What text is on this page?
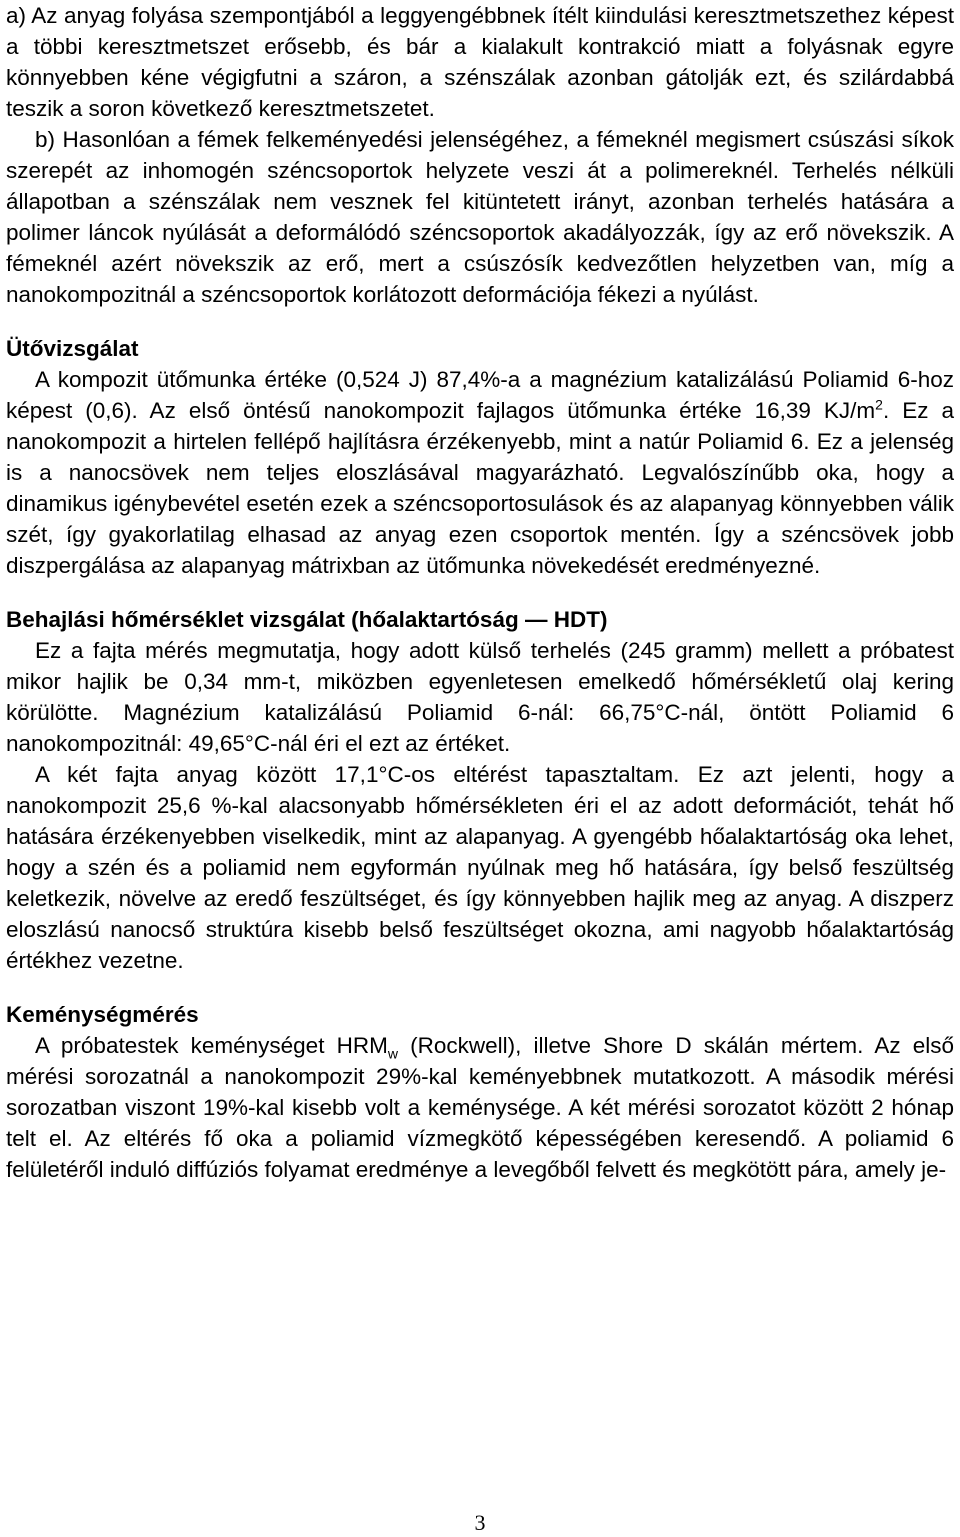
a) Az anyag folyása szempontjából a leggyengébbnek ítélt kiindulási keresztmetszethez képest a többi keresztmetszet erősebb, és bár a kialakult kontrakció miatt a folyásnak egyre könnyebben kéne végigfutni a száron, a szénszálak azonban gátolják ezt, és szilárdabbá teszik a soron következő keresztmetszetet.

b) Hasonlóan a fémek felkeményedési jelenségéhez, a fémeknél megismert csúszási síkok szerepét az inhomogén széncsoportok helyzete veszi át a polimereknél. Terhelés nélküli állapotban a szénszálak nem vesznek fel kitüntetett irányt, azonban terhelés hatására a polimer láncok nyúlását a deformálódó széncsoportok akadályozzák, így az erő növekszik. A fémeknél azért növekszik az erő, mert a csúszósík kedvezőtlen helyzetben van, míg a nanokompozitnál a széncsoportok korlátozott deformációja fékezi a nyúlást.

Ütővizsgálat

A kompozit ütőmunka értéke (0,524 J) 87,4%-a a magnézium katalizálású Poliamid 6-hoz képest (0,6). Az első öntésű nanokompozit fajlagos ütőmunka értéke 16,39 $KJ/m^2$. Ez a nanokompozit a hirtelen fellépő hajlításra érzékenyebb, mint a natúr Poliamid 6. Ez a jelenség is a nanocsövek nem teljes eloszlásával magyarázható. Legvalószínűbb oka, hogy a dinamikus igénybevétel esetén ezek a széncsoportosulások és az alapanyag könnyebben válik szét, így gyakorlatilag elhasad az anyag ezen csoportok mentén. Így a széncsövek jobb diszpergálása az alapanyag mátrixban az ütőmunka növekedését eredményezné.

Behajlási hőmérséklet vizsgálat (hőalaktartóság — HDT)

Ez a fajta mérés megmutatja, hogy adott külső terhelés (245 gramm) mellett a próbatest mikor hajlik be 0,34 mm-t, miközben egyenletesen emelkedő hőmérsékletű olaj kering körülötte. Magnézium katalizálású Poliamid 6-nál: 66,75°C-nál, öntött Poliamid 6 nanokompozitnál: 49,65°C-nál éri el ezt az értéket.

A két fajta anyag között 17,1°C-os eltérést tapasztaltam. Ez azt jelenti, hogy a nanokompozit 25,6 %-kal alacsonyabb hőmérsékleten éri el az adott deformációt, tehát hő hatására érzékenyebben viselkedik, mint az alapanyag. A gyengébb hőalaktartóság oka lehet, hogy a szén és a poliamid nem egyformán nyúlnak meg hő hatására, így belső feszültség keletkezik, növelve az eredő feszültséget, és így könnyebben hajlik meg az anyag. A diszperz eloszlású nanocső struktúra kisebb belső feszültséget okozna, ami nagyobb hőalaktartóság értékhez vezetne.

Keménységmérés

A próbatestek keménységet $HRM_w$ (Rockwell), illetve Shore D skálán mértem. Az első mérési sorozatnál a nanokompozit 29%-kal keményebbnek mutatkozott. A második mérési sorozatban viszont 19%-kal kisebb volt a keménysége. A két mérési sorozatot között 2 hónap telt el. Az eltérés fő oka a poliamid vízmegkötő képességében keresendő. A poliamid 6 felületéről induló diffúziós folyamat eredménye a levegőből felvett és megkötött pára, amely je-

3
